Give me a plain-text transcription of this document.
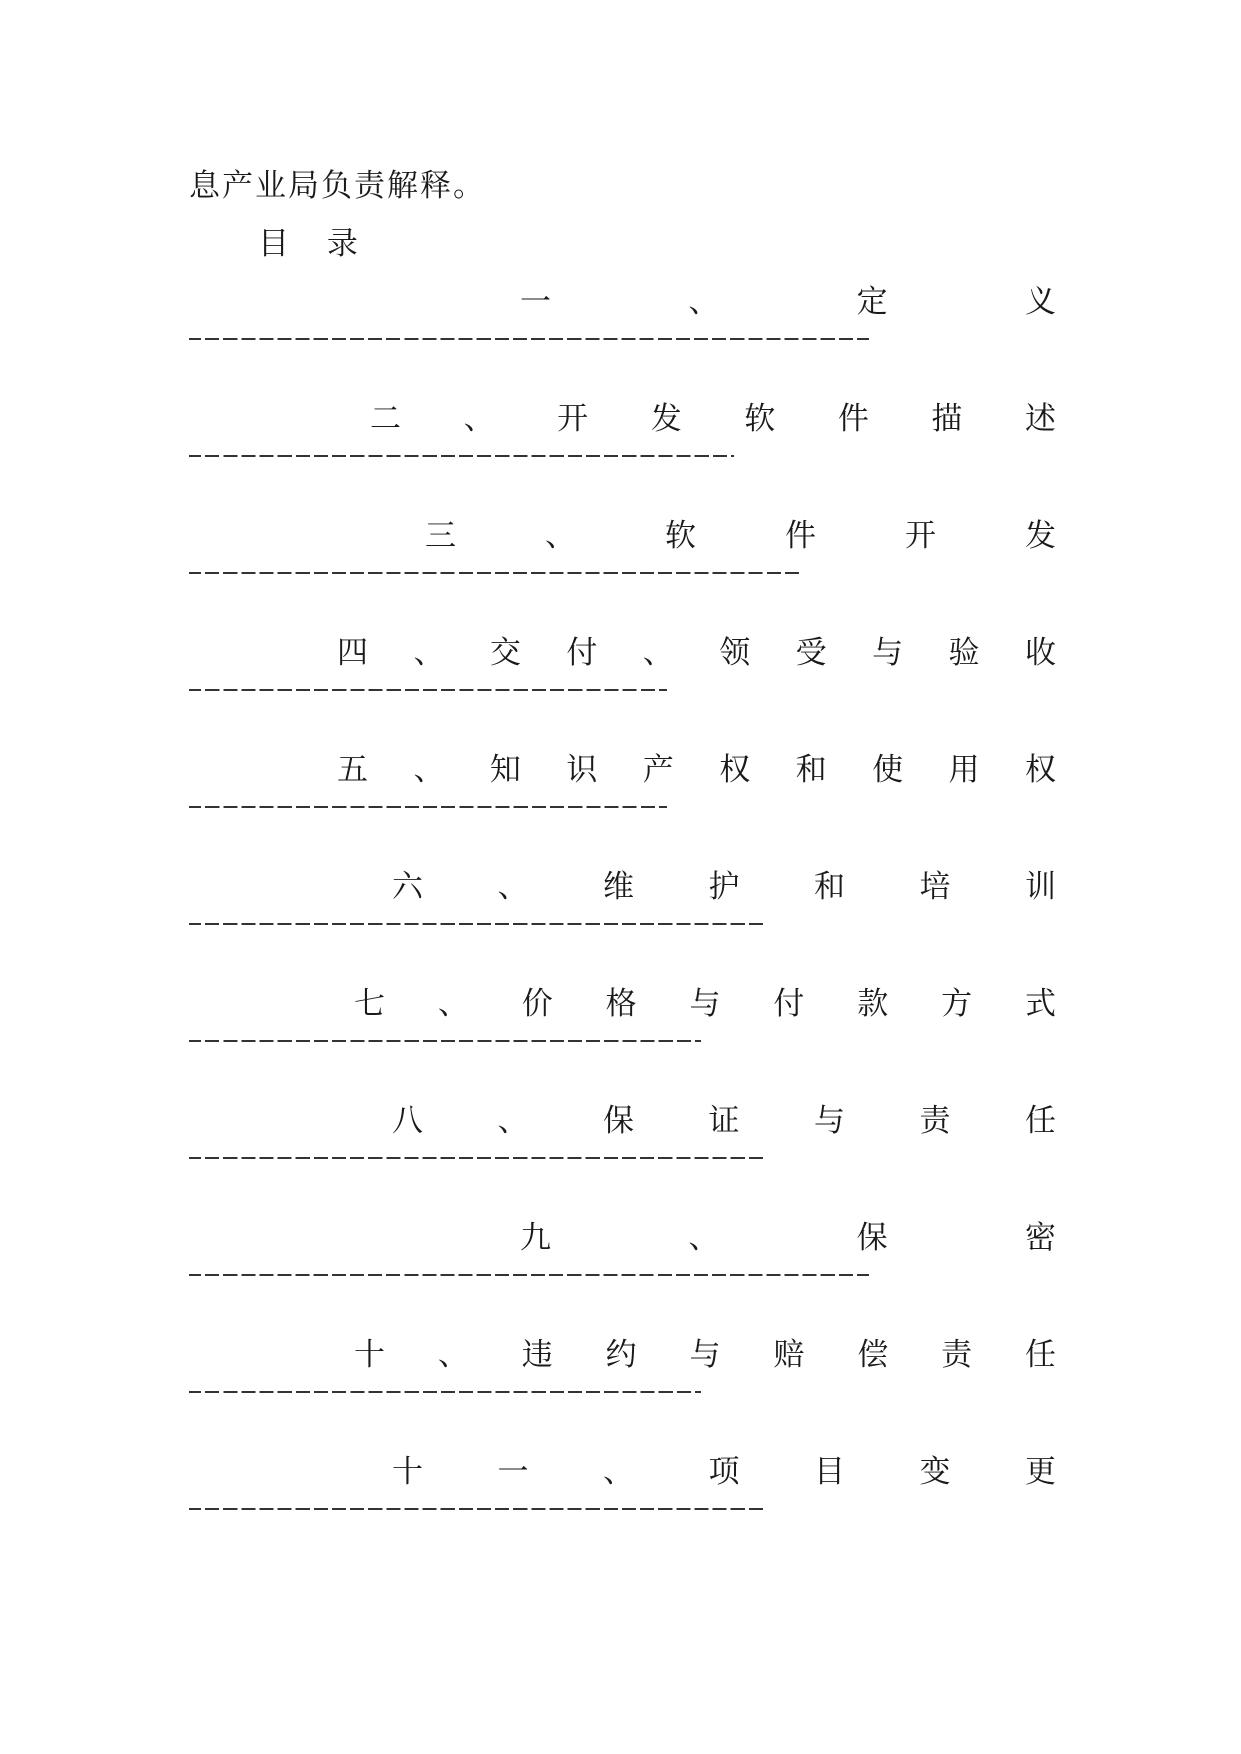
息产业局负责解释。
目 录
一	、	定	义
二 、 开 发 软 件 描 述
三	、	软	件	开	发
四 、 交 付 、 领 受 与 验 收
五 、 知 识 产 权 和 使 用 权
六 、 维 护 和 培 训
七 、 价 格 与 付 款 方 式
八 、 保 证 与 责 任
九	、	保	密
十 、 违 约 与 赔 偿 责 任
十 一 、 项 目 变 更
